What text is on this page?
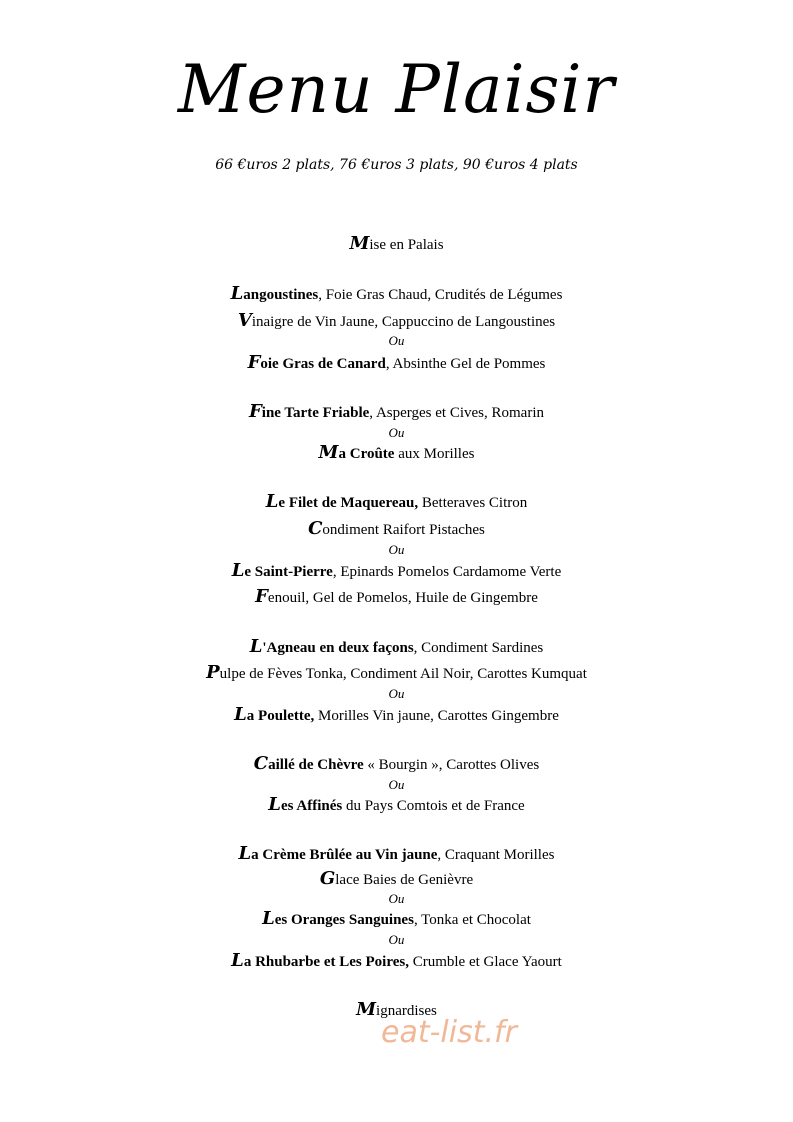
Menu Plaisir
66 €uros 2 plats, 76 €uros 3 plats, 90 €uros 4 plats
Mise en Palais
Langoustines, Foie Gras Chaud, Crudités de Légumes
Vinaigre de Vin Jaune, Cappuccino de Langoustines
Ou
Foie Gras de Canard, Absinthe Gel de Pommes
Fine Tarte Friable, Asperges et Cives, Romarin
Ou
Ma Croûte aux Morilles
Le Filet de Maquereau, Betteraves Citron
Condiment Raifort Pistaches
Ou
Le Saint-Pierre, Epinards Pomelos Cardamome Verte
Fenouil, Gel de Pomelos, Huile de Gingembre
L'Agneau en deux façons, Condiment Sardines
Pulpe de Fèves Tonka, Condiment Ail Noir, Carottes Kumquat
Ou
La Poulette, Morilles Vin jaune, Carottes Gingembre
Caillé de Chèvre « Bourgin », Carottes Olives
Ou
Les Affinés du Pays Comtois et de France
La Crème Brûlée au Vin jaune, Craquant Morilles
Glace Baies de Genièvre
Ou
Les Oranges Sanguines, Tonka et Chocolat
Ou
La Rhubarbe et Les Poires, Crumble et Glace Yaourt
Mignardises
eat-list.fr
